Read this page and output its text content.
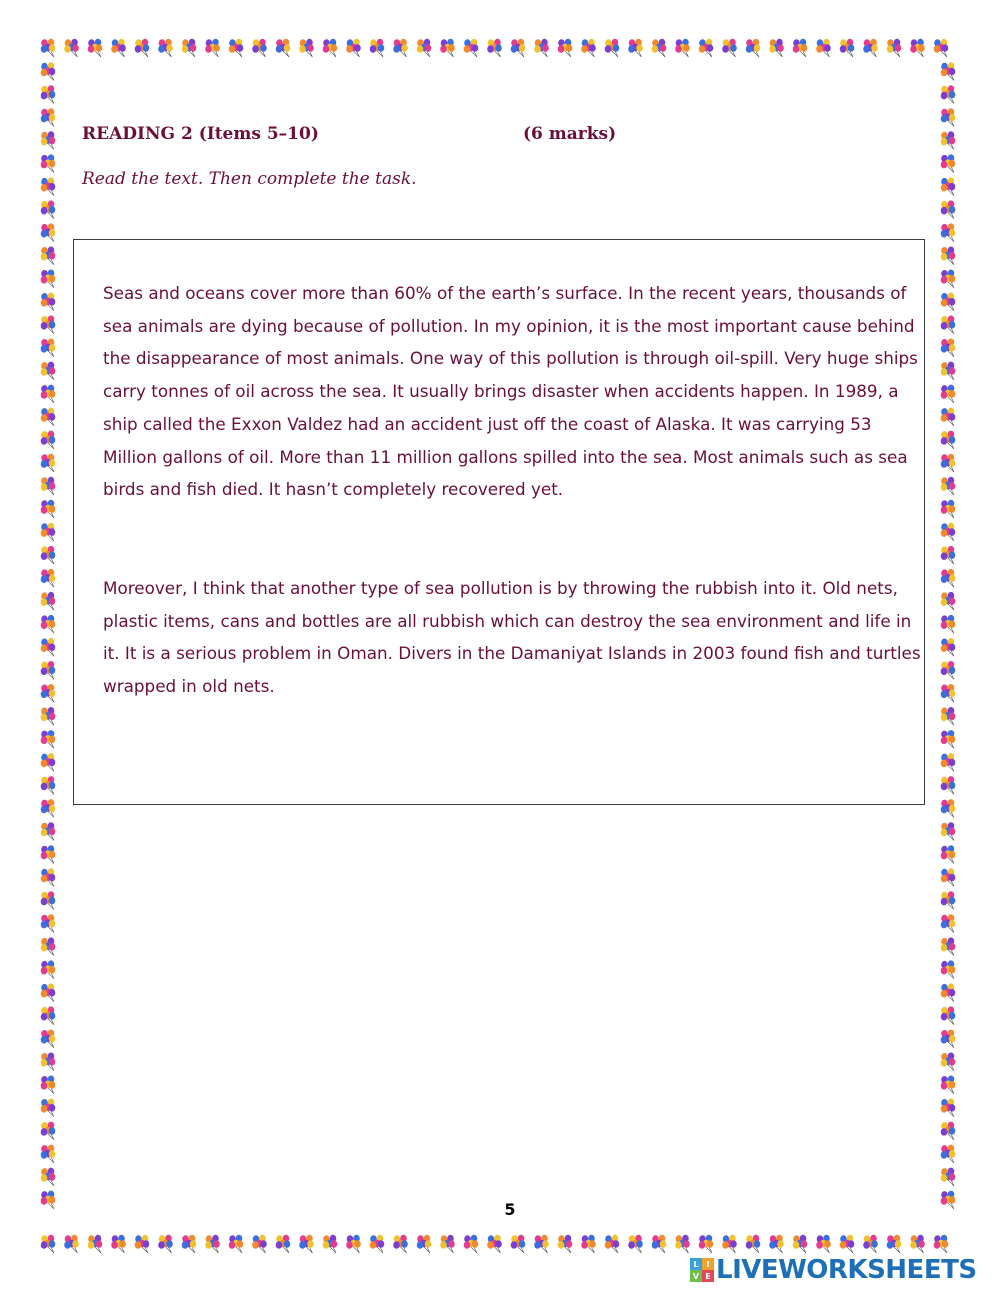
READING 2 (Items 5–10)	(6 marks)
Read the text. Then complete the task.

Seas and oceans cover more than 60% of the earth’s surface. In the recent years, thousands of sea animals are dying because of pollution. In my opinion, it is the most important cause behind the disappearance of most animals. One way of this pollution is through oil-spill. Very huge ships carry tonnes of oil across the sea. It usually brings disaster when accidents happen. In 1989, a ship called the Exxon Valdez had an accident just off the coast of Alaska. It was carrying 53 Million gallons of oil. More than 11 million gallons spilled into the sea. Most animals such as sea birds and fish died. It hasn’t completely recovered yet.

Moreover, I think that another type of sea pollution is by throwing the rubbish into it. Old nets, plastic items, cans and bottles are all rubbish which can destroy the sea environment and life in it. It is a serious problem in Oman. Divers in the Damaniyat Islands in 2003 found fish and turtles wrapped in old nets.

5
L I
V E LIVEWORKSHEETS
